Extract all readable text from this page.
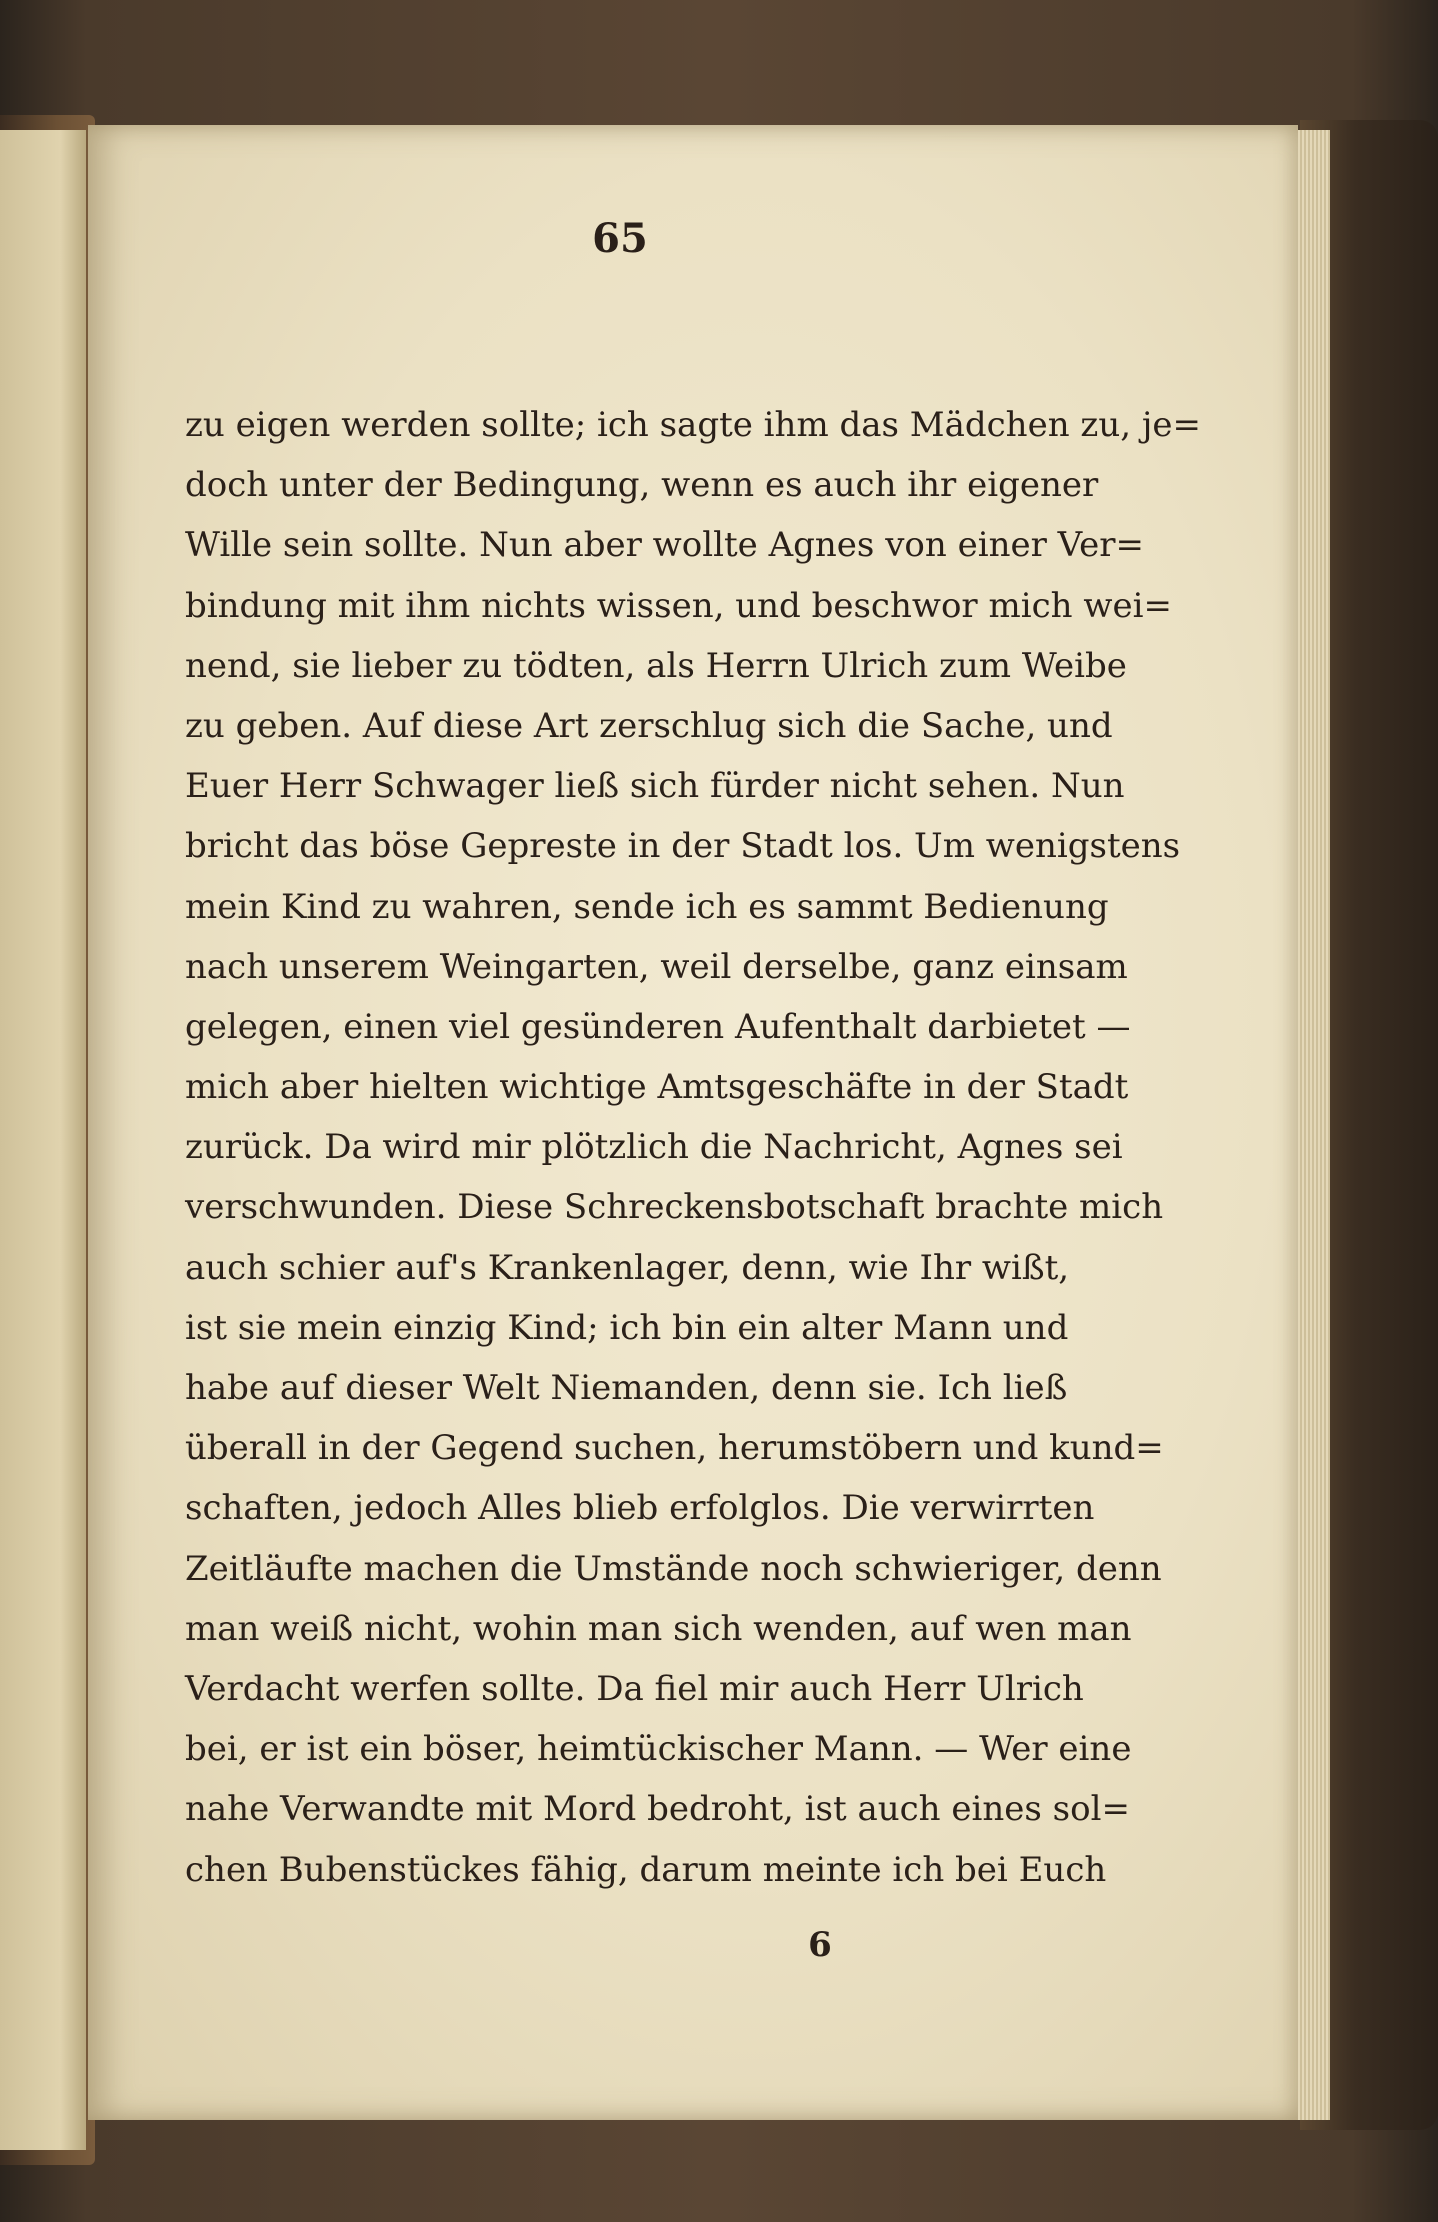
65
zu eigen werden sollte; ich sagte ihm das Mädchen zu, je=
doch unter der Bedingung, wenn es auch ihr eigener
Wille sein sollte. Nun aber wollte Agnes von einer Ver=
bindung mit ihm nichts wissen, und beschwor mich wei=
nend, sie lieber zu tödten, als Herrn Ulrich zum Weibe
zu geben. Auf diese Art zerschlug sich die Sache, und
Euer Herr Schwager ließ sich fürder nicht sehen. Nun
bricht das böse Gepreste in der Stadt los. Um wenigstens
mein Kind zu wahren, sende ich es sammt Bedienung
nach unserem Weingarten, weil derselbe, ganz einsam
gelegen, einen viel gesünderen Aufenthalt darbietet —
mich aber hielten wichtige Amtsgeschäfte in der Stadt
zurück. Da wird mir plötzlich die Nachricht, Agnes sei
verschwunden. Diese Schreckensbotschaft brachte mich
auch schier auf's Krankenlager, denn, wie Ihr wißt,
ist sie mein einzig Kind; ich bin ein alter Mann und
habe auf dieser Welt Niemanden, denn sie. Ich ließ
überall in der Gegend suchen, herumstöbern und kund=
schaften, jedoch Alles blieb erfolglos. Die verwirrten
Zeitläufte machen die Umstände noch schwieriger, denn
man weiß nicht, wohin man sich wenden, auf wen man
Verdacht werfen sollte. Da fiel mir auch Herr Ulrich
bei, er ist ein böser, heimtückischer Mann. — Wer eine
nahe Verwandte mit Mord bedroht, ist auch eines sol=
chen Bubenstückes fähig, darum meinte ich bei Euch
6
